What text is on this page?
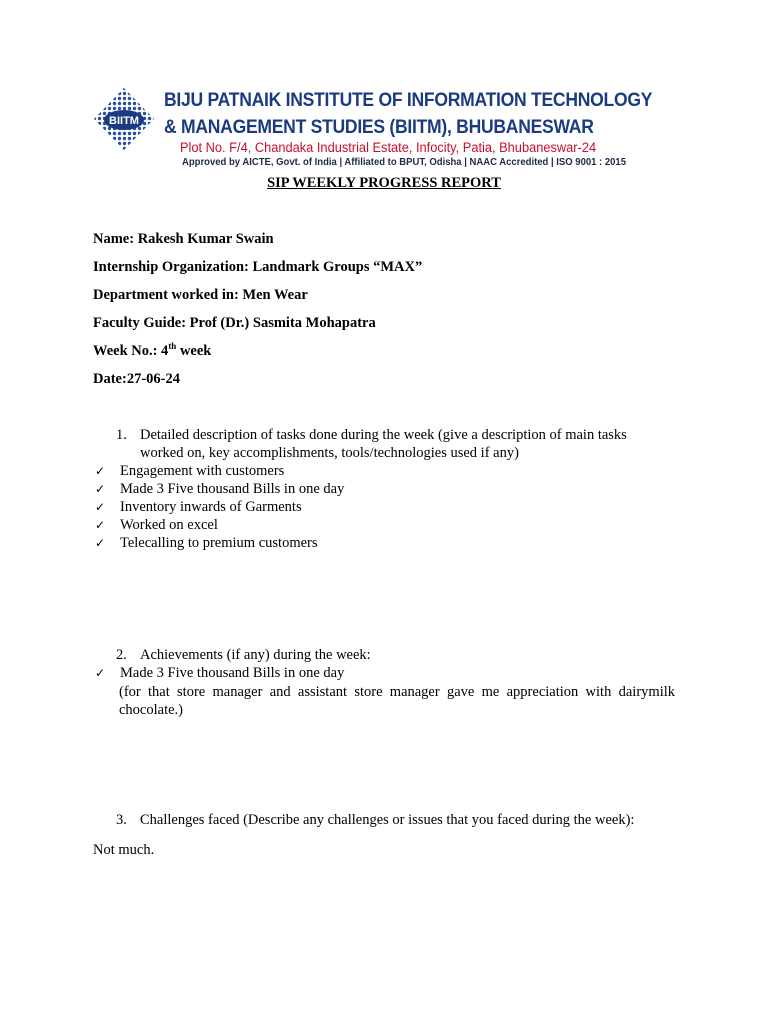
BIITM
BIJU PATNAIK INSTITUTE OF INFORMATION TECHNOLOGY
& MANAGEMENT STUDIES (BIITM), BHUBANESWAR
Plot No. F/4, Chandaka Industrial Estate, Infocity, Patia, Bhubaneswar-24
Approved by AICTE, Govt. of India | Affiliated to BPUT, Odisha | NAAC Accredited | ISO 9001 : 2015
SIP WEEKLY PROGRESS REPORT
Name: Rakesh Kumar Swain
Internship Organization: Landmark Groups “MAX”
Department worked in: Men Wear
Faculty Guide: Prof (Dr.) Sasmita Mohapatra
Week No.: 4th week
Date:27-06-24
1. Detailed description of tasks done during the week (give a description of main tasks
worked on, key accomplishments, tools/technologies used if any)
✓ Engagement with customers
✓ Made 3 Five thousand Bills in one day
✓ Inventory inwards of Garments
✓ Worked on excel
✓ Telecalling to premium customers
2. Achievements (if any) during the week:
✓ Made 3 Five thousand Bills in one day
(for that store manager and assistant store manager gave me appreciation with dairymilk chocolate.)
3. Challenges faced (Describe any challenges or issues that you faced during the week):
Not much.
